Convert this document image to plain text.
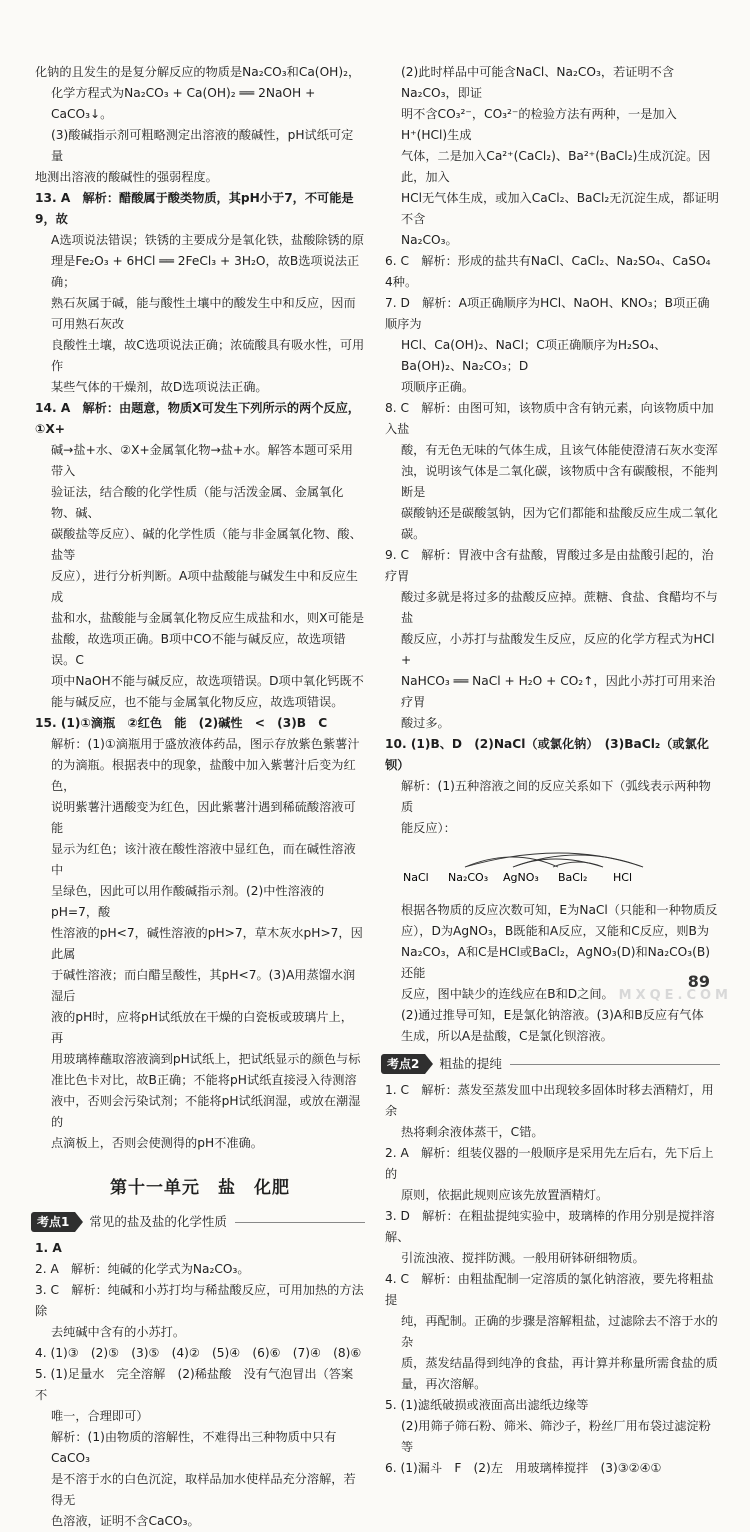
化钠的且发生的是复分解反应的物质是Na₂CO₃和Ca(OH)₂，

化学方程式为Na₂CO₃ + Ca(OH)₂ ══ 2NaOH + CaCO₃↓。

(3)酸碱指示剂可粗略测定出溶液的酸碱性，pH试纸可定量

地测出溶液的酸碱性的强弱程度。

13. A　解析：醋酸属于酸类物质，其pH小于7，不可能是9，故

A选项说法错误；铁锈的主要成分是氧化铁，盐酸除锈的原

理是Fe₂O₃ + 6HCl ══ 2FeCl₃ + 3H₂O，故B选项说法正确；

熟石灰属于碱，能与酸性土壤中的酸发生中和反应，因而可用熟石灰改

良酸性土壤，故C选项说法正确；浓硫酸具有吸水性，可用作

某些气体的干燥剂，故D选项说法正确。

14. A　解析：由题意，物质X可发生下列所示的两个反应，①X+

碱→盐+水、②X+金属氧化物→盐+水。解答本题可采用带入

验证法，结合酸的化学性质（能与活泼金属、金属氧化物、碱、

碳酸盐等反应）、碱的化学性质（能与非金属氧化物、酸、盐等

反应），进行分析判断。A项中盐酸能与碱发生中和反应生成

盐和水，盐酸能与金属氧化物反应生成盐和水，则X可能是

盐酸，故选项正确。B项中CO不能与碱反应，故选项错误。C

项中NaOH不能与碱反应，故选项错误。D项中氧化钙既不

能与碱反应，也不能与金属氧化物反应，故选项错误。

15. (1)①滴瓶　②红色　能　(2)碱性　<　(3)B　C

解析：(1)①滴瓶用于盛放液体药品，图示存放紫色紫薯汁

的为滴瓶。根据表中的现象，盐酸中加入紫薯汁后变为红色，

说明紫薯汁遇酸变为红色，因此紫薯汁遇到稀硫酸溶液可能

显示为红色；该汁液在酸性溶液中显红色，而在碱性溶液中

呈绿色，因此可以用作酸碱指示剂。(2)中性溶液的pH=7，酸

性溶液的pH<7，碱性溶液的pH>7，草木灰水pH>7，因此属

于碱性溶液；而白醋呈酸性，其pH<7。(3)A用蒸馏水润湿后

液的pH时，应将pH试纸放在干燥的白瓷板或玻璃片上，再

用玻璃棒蘸取溶液滴到pH试纸上，把试纸显示的颜色与标

准比色卡对比，故B正确；不能将pH试纸直接浸入待测溶

液中，否则会污染试剂；不能将pH试纸润湿，或放在潮湿的

点滴板上，否则会使测得的pH不准确。

第十一单元　盐　化肥
考点1	常见的盐及盐的化学性质

1. A

2. A　解析：纯碱的化学式为Na₂CO₃。

3. C　解析：纯碱和小苏打均与稀盐酸反应，可用加热的方法除

去纯碱中含有的小苏打。

4. (1)③　(2)⑤　(3)⑤　(4)②　(5)④　(6)⑥　(7)④　(8)⑥

5. (1)足量水　完全溶解　(2)稀盐酸　没有气泡冒出（答案不

唯一，合理即可）

解析：(1)由物质的溶解性，不难得出三种物质中只有CaCO₃

是不溶于水的白色沉淀，取样品加水使样品充分溶解，若得无

色溶液，证明不含CaCO₃。

(2)此时样品中可能含NaCl、Na₂CO₃，若证明不含Na₂CO₃，即证

明不含CO₃²⁻，CO₃²⁻的检验方法有两种，一是加入H⁺(HCl)生成

气体，二是加入Ca²⁺(CaCl₂)、Ba²⁺(BaCl₂)生成沉淀。因此，加入

HCl无气体生成，或加入CaCl₂、BaCl₂无沉淀生成，都证明不含

Na₂CO₃。

6. C　解析：形成的盐共有NaCl、CaCl₂、Na₂SO₄、CaSO₄ 4种。

7. D　解析：A项正确顺序为HCl、NaOH、KNO₃；B项正确顺序为

HCl、Ca(OH)₂、NaCl；C项正确顺序为H₂SO₄、Ba(OH)₂、Na₂CO₃；D

项顺序正确。

8. C　解析：由图可知，该物质中含有钠元素，向该物质中加入盐

酸，有无色无味的气体生成，且该气体能使澄清石灰水变浑

浊，说明该气体是二氧化碳，该物质中含有碳酸根，不能判断是

碳酸钠还是碳酸氢钠，因为它们都能和盐酸反应生成二氧化碳。

9. C　解析：胃液中含有盐酸，胃酸过多是由盐酸引起的，治疗胃

酸过多就是将过多的盐酸反应掉。蔗糖、食盐、食醋均不与盐

酸反应，小苏打与盐酸发生反应，反应的化学方程式为HCl +

NaHCO₃ ══ NaCl + H₂O + CO₂↑，因此小苏打可用来治疗胃

酸过多。

10. (1)B、D　(2)NaCl（或氯化钠）　(3)BaCl₂（或氯化钡）

解析：(1)五种溶液之间的反应关系如下（弧线表示两种物质

能反应）：

NaCl Na₂CO₃ AgNO₃ BaCl₂ HCl

根据各物质的反应次数可知，E为NaCl（只能和一种物质反

应），D为AgNO₃，B既能和A反应，又能和C反应，则B为

Na₂CO₃，A和C是HCl或BaCl₂，AgNO₃(D)和Na₂CO₃(B)还能

反应，图中缺少的连线应在B和D之间。

(2)通过推导可知，E是氯化钠溶液。(3)A和B反应有气体

生成，所以A是盐酸，C是氯化钡溶液。

考点2	粗盐的提纯

1. C　解析：蒸发至蒸发皿中出现较多固体时移去酒精灯，用余

热将剩余液体蒸干，C错。

2. A　解析：组装仪器的一般顺序是采用先左后右，先下后上的

原则，依据此规则应该先放置酒精灯。

3. D　解析：在粗盐提纯实验中，玻璃棒的作用分别是搅拌溶解、

引流浊液、搅拌防溅。一般用研钵研细物质。

4. C　解析：由粗盐配制一定溶质的氯化钠溶液，要先将粗盐提

纯，再配制。正确的步骤是溶解粗盐，过滤除去不溶于水的杂

质，蒸发结晶得到纯净的食盐，再计算并称量所需食盐的质

量，再次溶解。

5. (1)滤纸破损或液面高出滤纸边缘等

(2)用筛子筛石粉、筛米、筛沙子，粉丝厂用布袋过滤淀粉等

6. (1)漏斗　F　(2)左　用玻璃棒搅拌　(3)③②④①

89
MXQE.COM
